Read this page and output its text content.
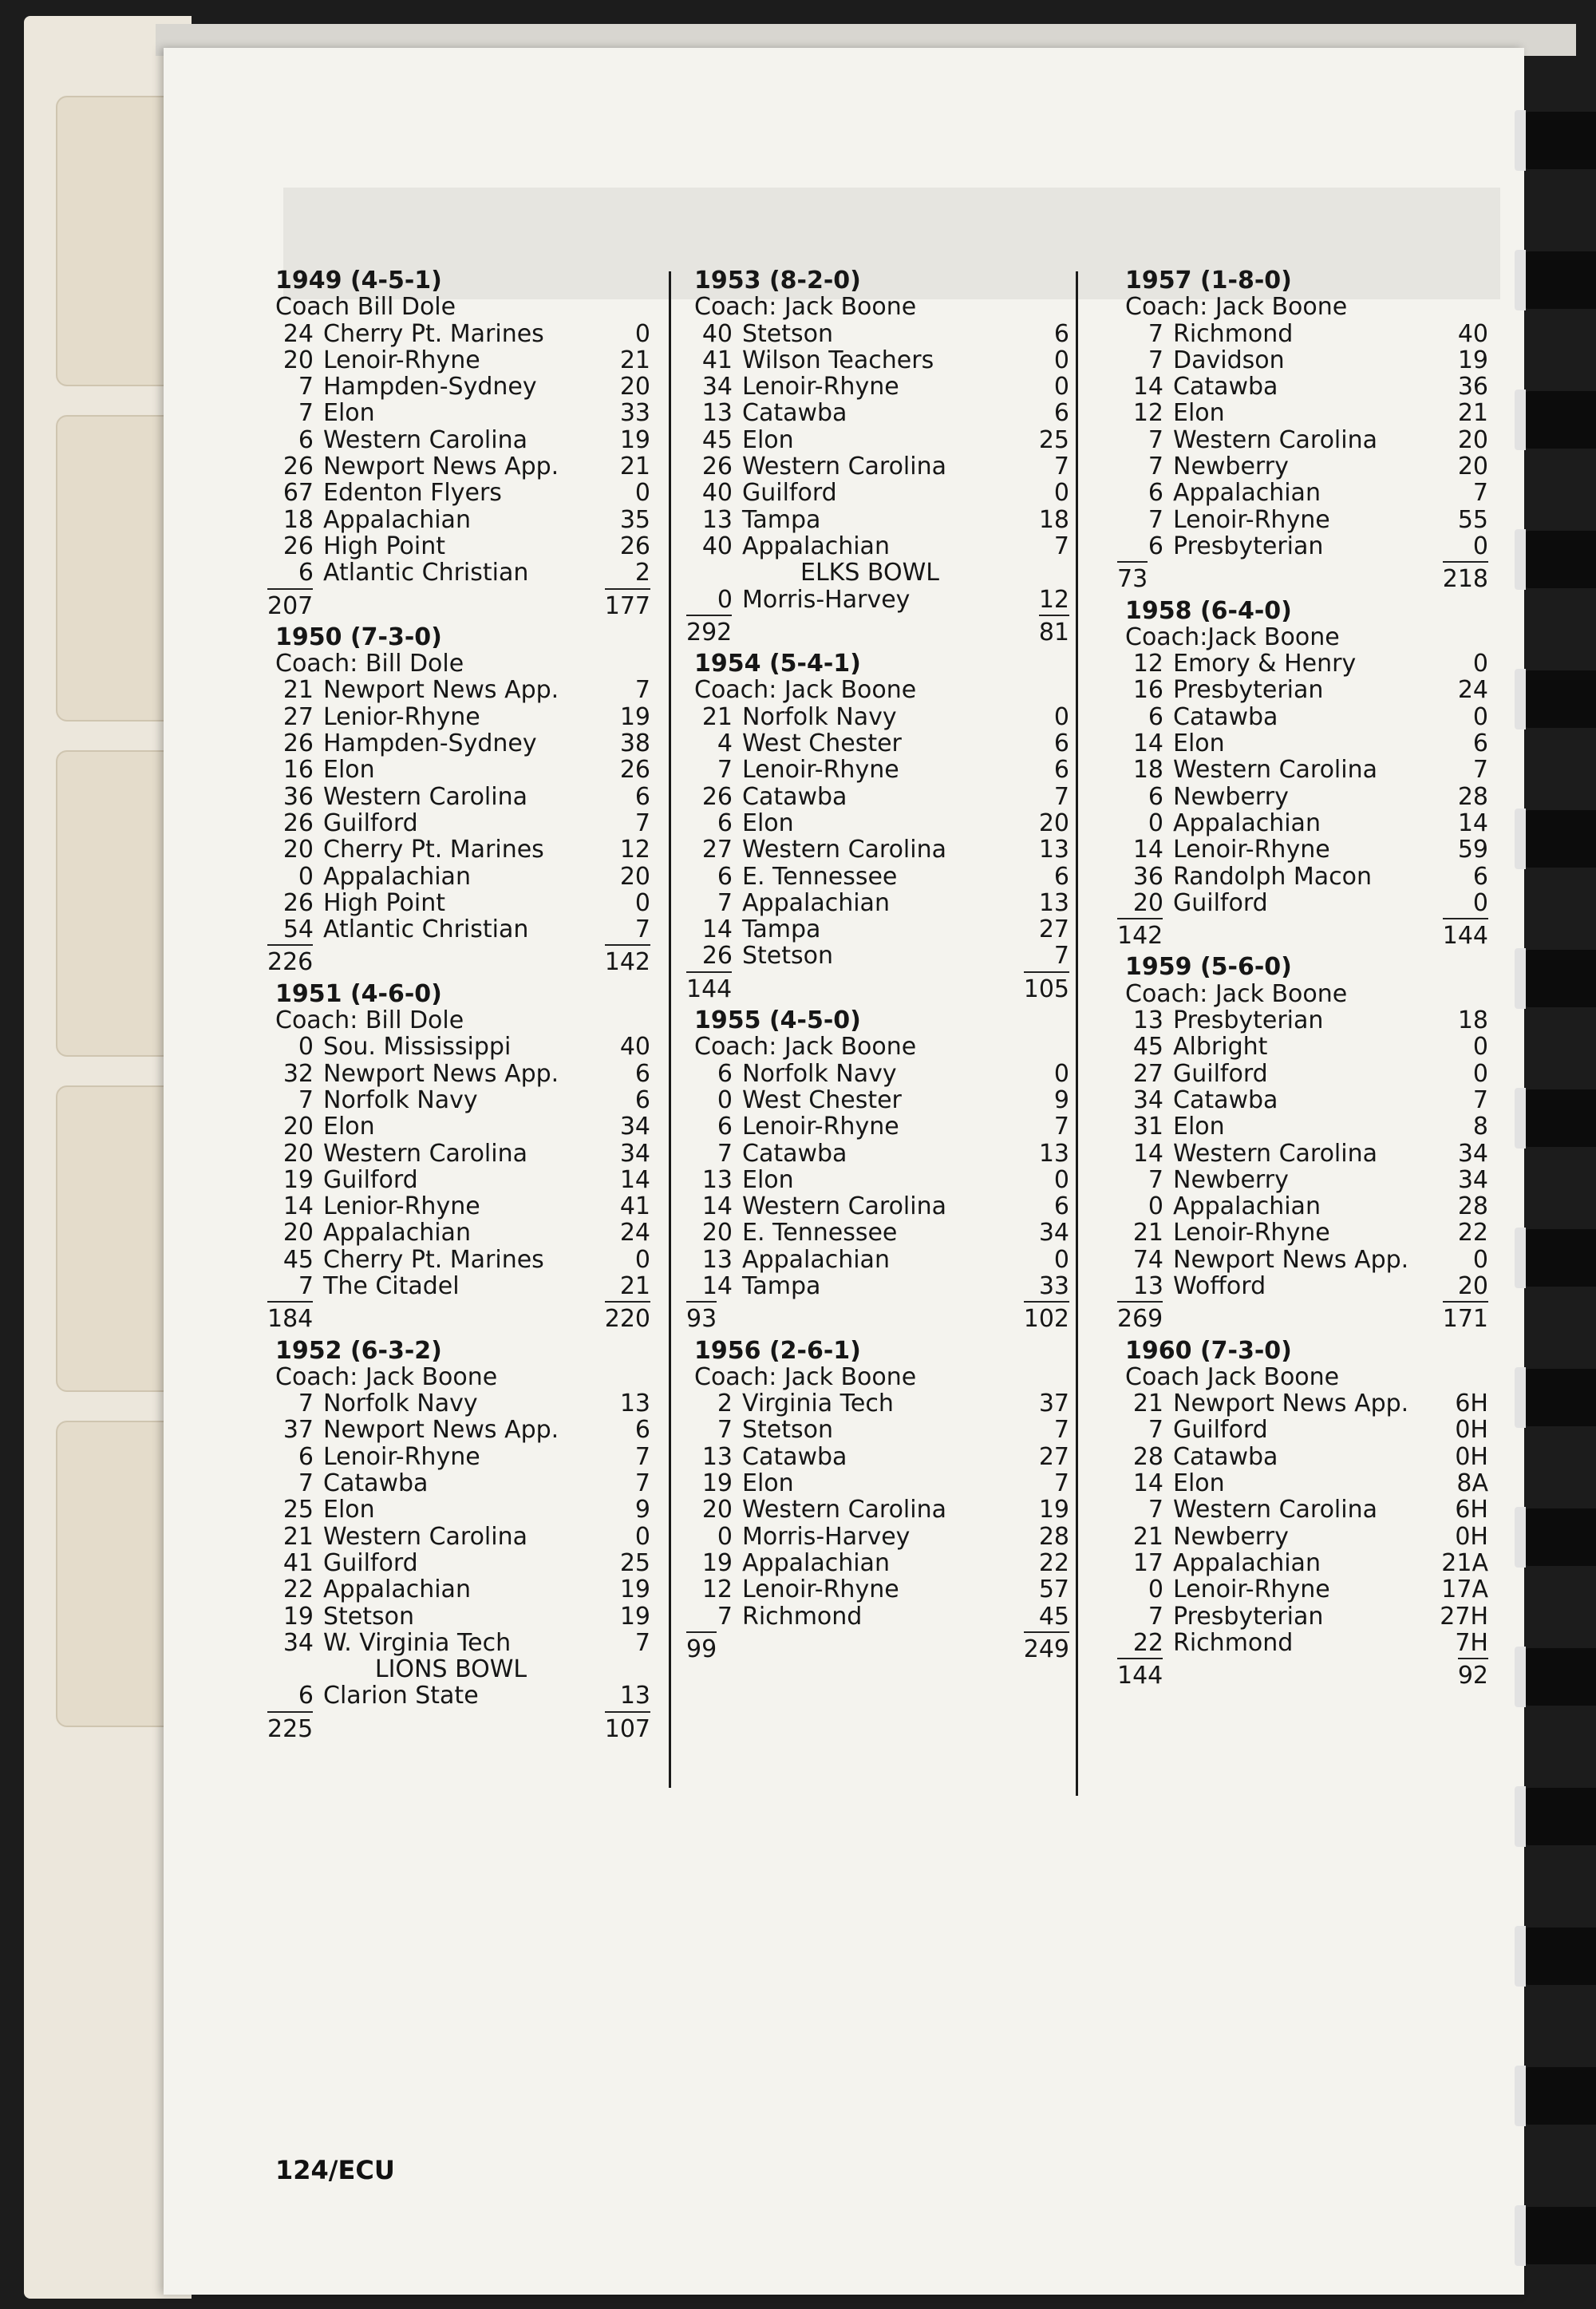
1949 (4-5-1)
Coach Bill Dole
24 Cherry Pt. Marines	0
20 Lenoir-Rhyne	21
7 Hampden-Sydney	20
7 Elon	33
6 Western Carolina	19
26 Newport News App.	21
67 Edenton Flyers	0
18 Appalachian	35
26 High Point	26
6 Atlantic Christian	2
207	177
1950 (7-3-0)
Coach: Bill Dole
21 Newport News App.	7
27 Lenior-Rhyne	19
26 Hampden-Sydney	38
16 Elon	26
36 Western Carolina	6
26 Guilford	7
20 Cherry Pt. Marines	12
0 Appalachian	20
26 High Point	0
54 Atlantic Christian	7
226	142
1951 (4-6-0)
Coach: Bill Dole
0 Sou. Mississippi	40
32 Newport News App.	6
7 Norfolk Navy	6
20 Elon	34
20 Western Carolina	34
19 Guilford	14
14 Lenior-Rhyne	41
20 Appalachian	24
45 Cherry Pt. Marines	0
7 The Citadel	21
184	220
1952 (6-3-2)
Coach: Jack Boone
7 Norfolk Navy	13
37 Newport News App.	6
6 Lenoir-Rhyne	7
7 Catawba	7
25 Elon	9
21 Western Carolina	0
41 Guilford	25
22 Appalachian	19
19 Stetson	19
34 W. Virginia Tech	7
LIONS BOWL
6 Clarion State	13
225	107
1953 (8-2-0)
Coach: Jack Boone
40 Stetson	6
41 Wilson Teachers	0
34 Lenoir-Rhyne	0
13 Catawba	6
45 Elon	25
26 Western Carolina	7
40 Guilford	0
13 Tampa	18
40 Appalachian	7
ELKS BOWL
0 Morris-Harvey	12
292	81
1954 (5-4-1)
Coach: Jack Boone
21 Norfolk Navy	0
4 West Chester	6
7 Lenoir-Rhyne	6
26 Catawba	7
6 Elon	20
27 Western Carolina	13
6 E. Tennessee	6
7 Appalachian	13
14 Tampa	27
26 Stetson	7
144	105
1955 (4-5-0)
Coach: Jack Boone
6 Norfolk Navy	0
0 West Chester	9
6 Lenoir-Rhyne	7
7 Catawba	13
13 Elon	0
14 Western Carolina	6
20 E. Tennessee	34
13 Appalachian	0
14 Tampa	33
93	102
1956 (2-6-1)
Coach: Jack Boone
2 Virginia Tech	37
7 Stetson	7
13 Catawba	27
19 Elon	7
20 Western Carolina	19
0 Morris-Harvey	28
19 Appalachian	22
12 Lenoir-Rhyne	57
7 Richmond	45
99	249
1957 (1-8-0)
Coach: Jack Boone
7 Richmond	40
7 Davidson	19
14 Catawba	36
12 Elon	21
7 Western Carolina	20
7 Newberry	20
6 Appalachian	7
7 Lenoir-Rhyne	55
6 Presbyterian	0
73	218
1958 (6-4-0)
Coach:Jack Boone
12 Emory & Henry	0
16 Presbyterian	24
6 Catawba	0
14 Elon	6
18 Western Carolina	7
6 Newberry	28
0 Appalachian	14
14 Lenoir-Rhyne	59
36 Randolph Macon	6
20 Guilford	0
142	144
1959 (5-6-0)
Coach: Jack Boone
13 Presbyterian	18
45 Albright	0
27 Guilford	0
34 Catawba	7
31 Elon	8
14 Western Carolina	34
7 Newberry	34
0 Appalachian	28
21 Lenoir-Rhyne	22
74 Newport News App.	0
13 Wofford	20
269	171
1960 (7-3-0)
Coach Jack Boone
21 Newport News App.	6H
7 Guilford	0H
28 Catawba	0H
14 Elon	8A
7 Western Carolina	6H
21 Newberry	0H
17 Appalachian	21A
0 Lenoir-Rhyne	17A
7 Presbyterian	27H
22 Richmond	7H
144	92
124/ECU
